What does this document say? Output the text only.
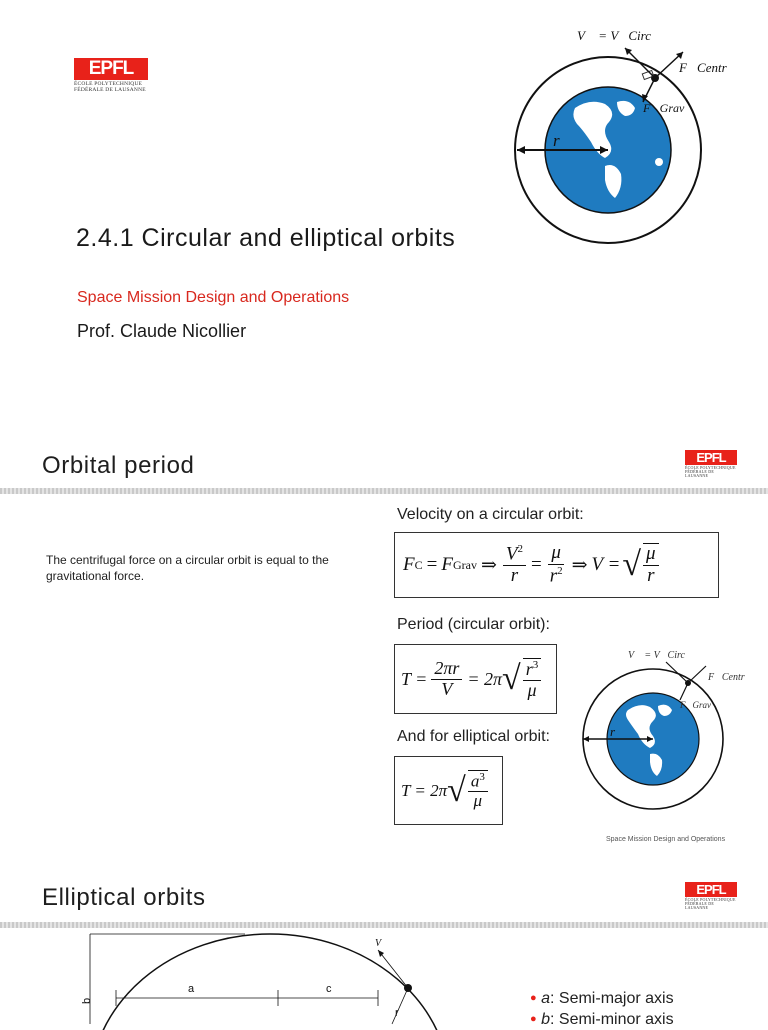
EPFL
ÉCOLE POLYTECHNIQUE
FÉDÉRALE DE LAUSANNE
V⃗ = V⃗Circ
F⃗Centr
F⃗Grav
r
2.4.1 Circular and elliptical orbits
Space Mission Design and Operations
Prof. Claude Nicollier
Orbital period	EPFL
ÉCOLE POLYTECHNIQUE
FÉDÉRALE DE LAUSANNE
The centrifugal force on a circular orbit is equal to the gravitational force.
Velocity on a circular orbit:
F C = F Grav ⇒ $\frac{V^2}{r} = \frac{\mu}{r^2}$ ⇒ V = √ $\frac{\mu}{r}$
Period (circular orbit):
$T = \frac{2\pi r}{V} = 2\pi$ √ $\frac{r^3}{\mu}$
And for elliptical orbit:
T = 2π √ $\frac{a^3}{\mu}$
V⃗ = V⃗Circ
F⃗Centr
F⃗Grav
r
Space Mission Design and Operations
Elliptical orbits	EPFL
ÉCOLE POLYTECHNIQUE
FÉDÉRALE DE LAUSANNE
b
a	c
r
V⃗
● a: Semi-major axis
● b: Semi-minor axis
